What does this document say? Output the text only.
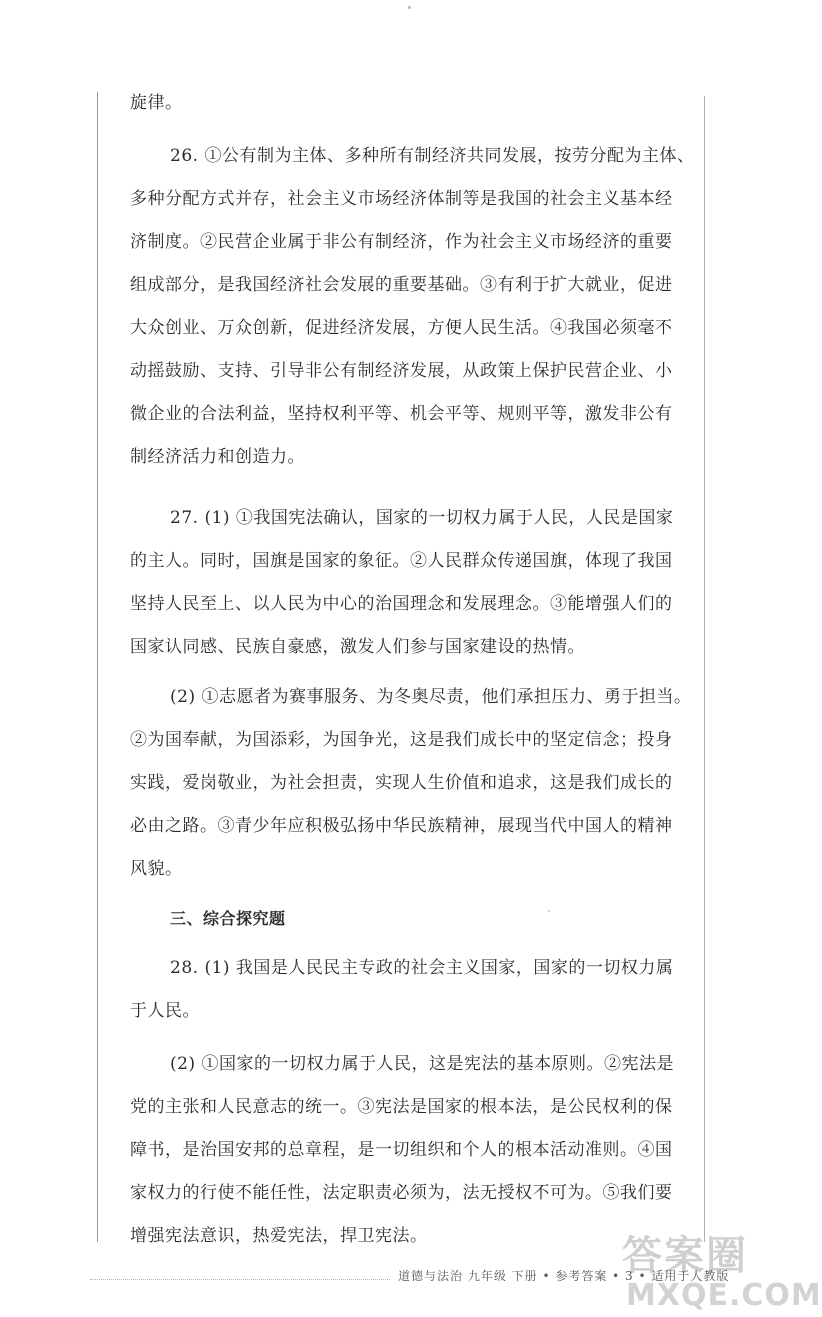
旋律。
26. ①公有制为主体、多种所有制经济共同发展，按劳分配为主体、
多种分配方式并存，社会主义市场经济体制等是我国的社会主义基本经
济制度。②民营企业属于非公有制经济，作为社会主义市场经济的重要
组成部分，是我国经济社会发展的重要基础。③有利于扩大就业，促进
大众创业、万众创新，促进经济发展，方便人民生活。④我国必须毫不
动摇鼓励、支持、引导非公有制经济发展，从政策上保护民营企业、小
微企业的合法利益，坚持权利平等、机会平等、规则平等，激发非公有
制经济活力和创造力。
27. (1) ①我国宪法确认，国家的一切权力属于人民，人民是国家
的主人。同时，国旗是国家的象征。②人民群众传递国旗，体现了我国
坚持人民至上、以人民为中心的治国理念和发展理念。③能增强人们的
国家认同感、民族自豪感，激发人们参与国家建设的热情。
(2) ①志愿者为赛事服务、为冬奥尽责，他们承担压力、勇于担当。
②为国奉献，为国添彩，为国争光，这是我们成长中的坚定信念；投身
实践，爱岗敬业，为社会担责，实现人生价值和追求，这是我们成长的
必由之路。③青少年应积极弘扬中华民族精神，展现当代中国人的精神
风貌。
三、综合探究题
28. (1) 我国是人民民主专政的社会主义国家，国家的一切权力属
于人民。
(2) ①国家的一切权力属于人民，这是宪法的基本原则。②宪法是
党的主张和人民意志的统一。③宪法是国家的根本法，是公民权利的保
障书，是治国安邦的总章程，是一切组织和个人的根本活动准则。④国
家权力的行使不能任性，法定职责必须为，法无授权不可为。⑤我们要
增强宪法意识，热爱宪法，捍卫宪法。
道德与法治 九年级 下册 • 参考答案 • 3 • 适用于人教版
答案圈
MXQE.COM
